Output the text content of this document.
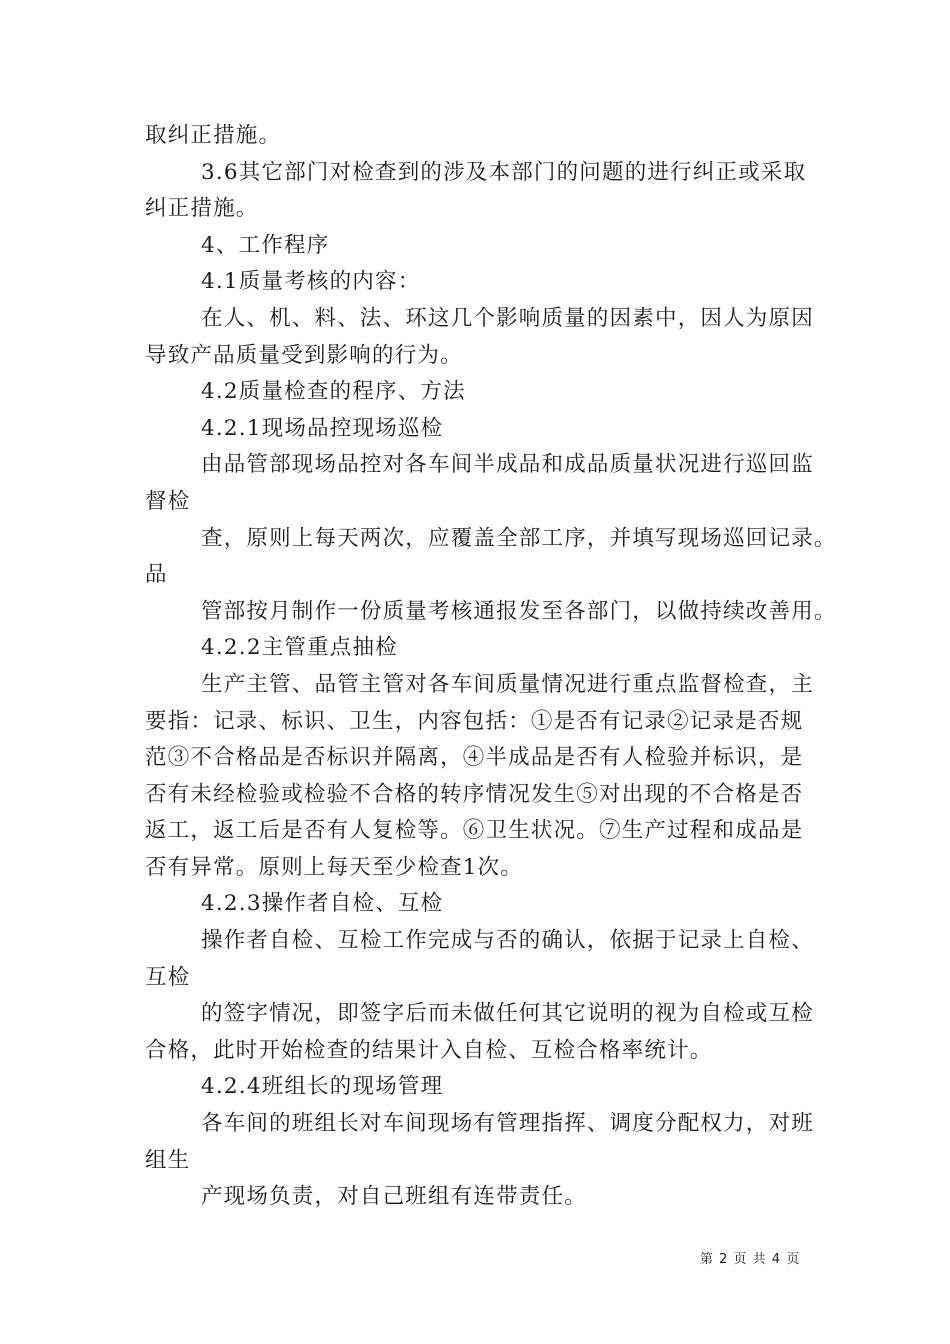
取纠正措施。
3.6其它部门对检查到的涉及本部门的问题的进行纠正或采取
纠正措施。
4、工作程序
4.1质量考核的内容：
在人、机、料、法、环这几个影响质量的因素中，因人为原因
导致产品质量受到影响的行为。
4.2质量检查的程序、方法
4.2.1现场品控现场巡检
由品管部现场品控对各车间半成品和成品质量状况进行巡回监
督检
查，原则上每天两次，应覆盖全部工序，并填写现场巡回记录。
品
管部按月制作一份质量考核通报发至各部门，以做持续改善用。
4.2.2主管重点抽检
生产主管、品管主管对各车间质量情况进行重点监督检查，主
要指：记录、标识、卫生，内容包括：①是否有记录②记录是否规
范③不合格品是否标识并隔离，④半成品是否有人检验并标识，是
否有未经检验或检验不合格的转序情况发生⑤对出现的不合格是否
返工，返工后是否有人复检等。⑥卫生状况。⑦生产过程和成品是
否有异常。原则上每天至少检查1次。
4.2.3操作者自检、互检
操作者自检、互检工作完成与否的确认，依据于记录上自检、
互检
的签字情况，即签字后而未做任何其它说明的视为自检或互检
合格，此时开始检查的结果计入自检、互检合格率统计。
4.2.4班组长的现场管理
各车间的班组长对车间现场有管理指挥、调度分配权力，对班
组生
产现场负责，对自己班组有连带责任。
第 2 页 共 4 页
